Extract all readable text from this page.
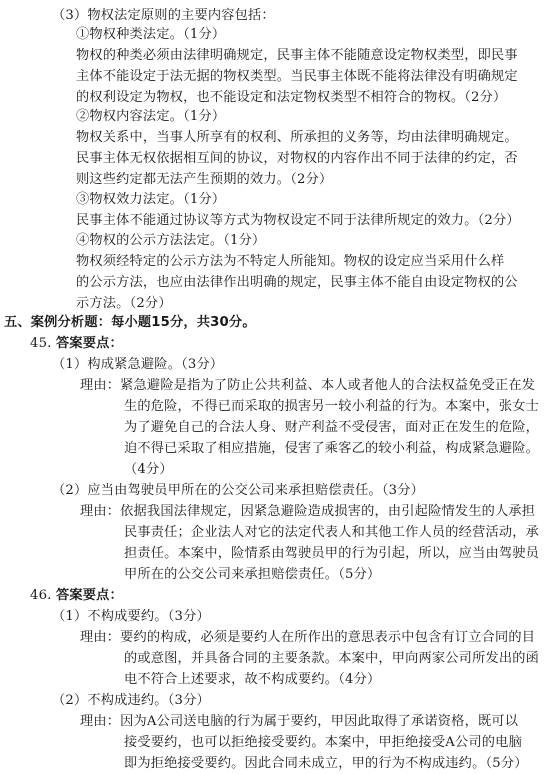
（3）物权法定原则的主要内容包括：
①物权种类法定。（1分）
物权的种类必须由法律明确规定，民事主体不能随意设定物权类型，即民事
主体不能设定于法无据的物权类型。当民事主体既不能将法律没有明确规定
的权利设定为物权，也不能设定和法定物权类型不相符合的物权。（2分）
②物权内容法定。（1分）
物权关系中，当事人所享有的权利、所承担的义务等，均由法律明确规定。
民事主体无权依据相互间的协议，对物权的内容作出不同于法律的约定，否
则这些约定都无法产生预期的效力。（2分）
③物权效力法定。（1分）
民事主体不能通过协议等方式为物权设定不同于法律所规定的效力。（2分）
④物权的公示方法法定。（1分）
物权须经特定的公示方法为不特定人所能知。物权的设定应当采用什么样
的公示方法，也应由法律作出明确的规定，民事主体不能自由设定物权的公
示方法。（2分）
五、案例分析题：每小题15分，共30分。
45. 答案要点：
（1）构成紧急避险。（3分）
理由：紧急避险是指为了防止公共利益、本人或者他人的合法权益免受正在发
生的危险，不得已而采取的损害另一较小利益的行为。本案中，张女士
为了避免自己的合法人身、财产利益不受侵害，面对正在发生的危险，
迫不得已采取了相应措施，侵害了乘客乙的较小利益，构成紧急避险。
（4分）
（2）应当由驾驶员甲所在的公交公司来承担赔偿责任。（3分）
理由：依据我国法律规定，因紧急避险造成损害的，由引起险情发生的人承担
民事责任；企业法人对它的法定代表人和其他工作人员的经营活动，承
担责任。本案中，险情系由驾驶员甲的行为引起，所以，应当由驾驶员
甲所在的公交公司来承担赔偿责任。（5分）
46. 答案要点：
（1）不构成要约。（3分）
理由：要约的构成，必须是要约人在所作出的意思表示中包含有订立合同的目
的或意图，并具备合同的主要条款。本案中，甲向两家公司所发出的函
电不符合上述要求，故不构成要约。（4分）
（2）不构成违约。（3分）
理由：因为A公司送电脑的行为属于要约，甲因此取得了承诺资格，既可以
接受要约，也可以拒绝接受要约。本案中，甲拒绝接受A公司的电脑
即为拒绝接受要约。因此合同未成立，甲的行为不构成违约。（5分）
